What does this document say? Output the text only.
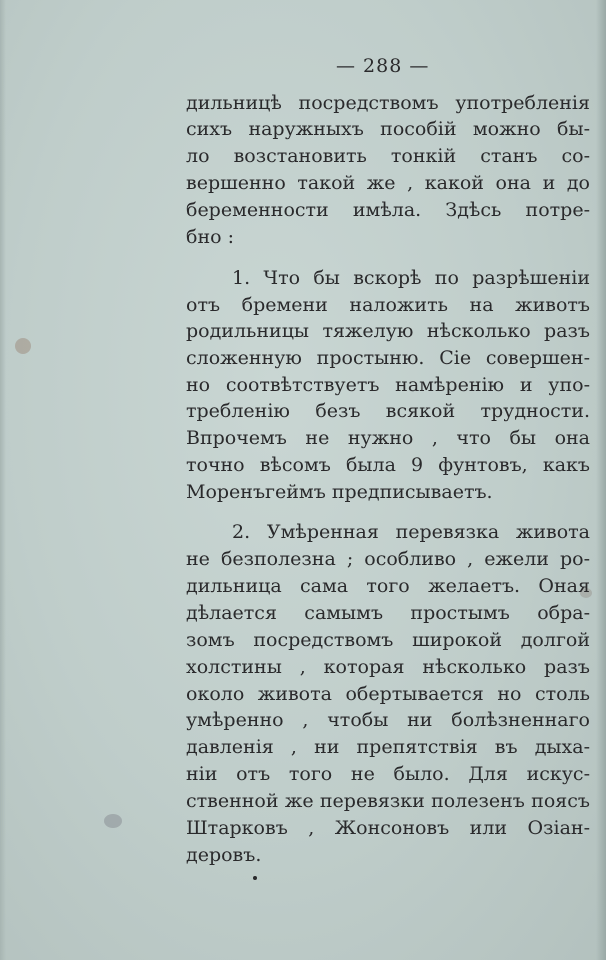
— 288 —
дильницѣ посредствомъ употребленія
сихъ наружныхъ пособій можно бы-
ло возстановить тонкій станъ со-
вершенно такой же , какой она и до
беременности имѣла. Здѣсь потре-
бно :
1. Что бы вскорѣ по разрѣшеніи
отъ бремени наложить на животъ
родильницы тяжелую нѣсколько разъ
сложенную простыню. Сіе совершен-
но соотвѣтствуетъ намѣренію и упо-
требленію безъ всякой трудности.
Впрочемъ не нужно , что бы она
точно вѣсомъ была 9 фунтовъ, какъ
Моренъгеймъ предписываетъ.
2. Умѣренная перевязка живота
не безполезна ; особливо , ежели ро-
дильница сама того желаетъ. Оная
дѣлается самымъ простымъ обра-
зомъ посредствомъ широкой долгой
холстины , которая нѣсколько разъ
около живота обертывается но столь
умѣренно , чтобы ни болѣзненнаго
давленія , ни препятствія въ дыха-
ніи отъ того не было. Для искус-
ственной же перевязки полезенъ поясъ
Штарковъ , Жонсоновъ или Озіан-
деровъ.
